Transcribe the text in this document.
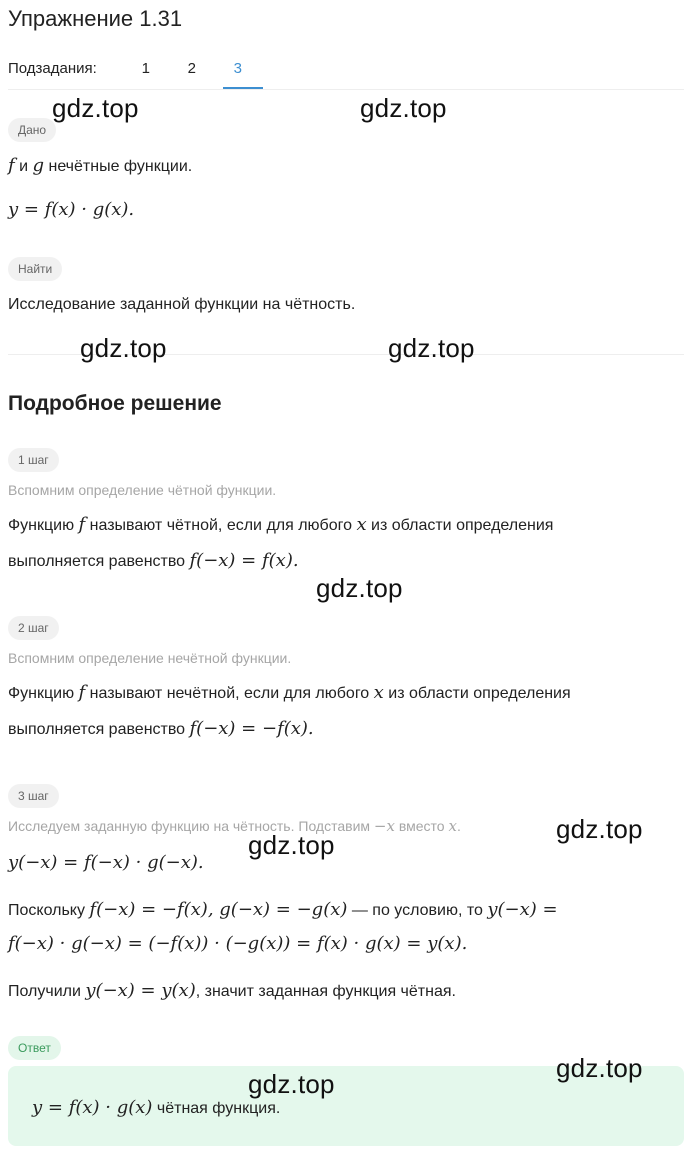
Упражнение 1.31
Подзадания:	1	2	3
Дано
f и g нечётные функции.
y = f(x) · g(x).
Найти
Исследование заданной функции на чётность.
Подробное решение
1 шаг
Вспомним определение чётной функции.
Функцию f называют чётной, если для любого x из области определения
выполняется равенство f(−x) = f(x).
2 шаг
Вспомним определение нечётной функции.
Функцию f называют нечётной, если для любого x из области определения
выполняется равенство f(−x) = −f(x).
3 шаг
Исследуем заданную функцию на чётность. Подставим −x вместо x.
y(−x) = f(−x) · g(−x).
Поскольку f(−x) = −f(x), g(−x) = −g(x) — по условию, то y(−x) =
f(−x) · g(−x) = (−f(x)) · (−g(x)) = f(x) · g(x) = y(x).
Получили y(−x) = y(x), значит заданная функция чётная.
Ответ
y = f(x) · g(x) чётная функция.
gdz.top	gdz.top
gdz.top	gdz.top
gdz.top
gdz.top
gdz.top
gdz.top
gdz.top
